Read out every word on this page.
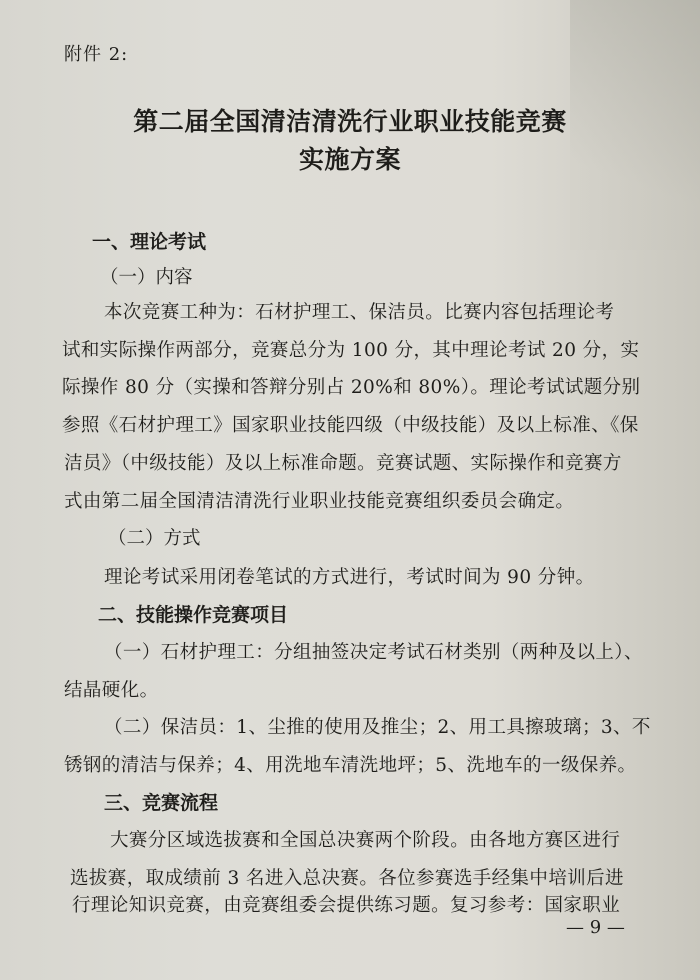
附件 2:
第二届全国清洁清洗行业职业技能竞赛
实施方案
一、理论考试
（一）内容
本次竞赛工种为：石材护理工、保洁员。比赛内容包括理论考
试和实际操作两部分，竞赛总分为 100 分，其中理论考试 20 分，实
际操作 80 分（实操和答辩分别占 20%和 80%）。理论考试试题分别
参照《石材护理工》国家职业技能四级（中级技能）及以上标准、《保
洁员》（中级技能）及以上标准命题。竞赛试题、实际操作和竞赛方
式由第二届全国清洁清洗行业职业技能竞赛组织委员会确定。
（二）方式
理论考试采用闭卷笔试的方式进行，考试时间为 90 分钟。
二、技能操作竞赛项目
（一）石材护理工：分组抽签决定考试石材类别（两种及以上）、
结晶硬化。
（二）保洁员：1、尘推的使用及推尘；2、用工具擦玻璃；3、不
锈钢的清洁与保养；4、用洗地车清洗地坪；5、洗地车的一级保养。
三、竞赛流程
大赛分区域选拔赛和全国总决赛两个阶段。由各地方赛区进行
选拔赛，取成绩前 3 名进入总决赛。各位参赛选手经集中培训后进
行理论知识竞赛，由竞赛组委会提供练习题。复习参考：国家职业
— 9 —
